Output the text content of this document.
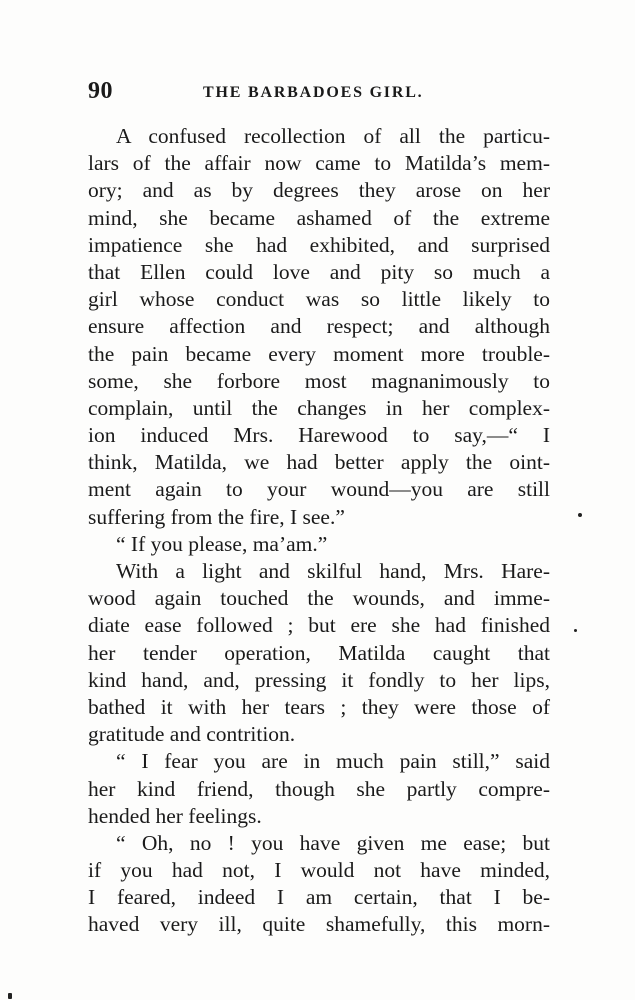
90	THE BARBADOES GIRL.
A confused recollection of all the particu-
lars of the affair now came to Matilda’s mem-
ory; and as by degrees they arose on her
mind, she became ashamed of the extreme
impatience she had exhibited, and surprised
that Ellen could love and pity so much a
girl whose conduct was so little likely to
ensure affection and respect; and although
the pain became every moment more trouble-
some, she forbore most magnanimously to
complain, until the changes in her complex-
ion induced Mrs. Harewood to say,—“ I
think, Matilda, we had better apply the oint-
ment again to your wound—you are still
suffering from the fire, I see.”
“ If you please, ma’am.”
With a light and skilful hand, Mrs. Hare-
wood again touched the wounds, and imme-
diate ease followed ; but ere she had finished
her tender operation, Matilda caught that
kind hand, and, pressing it fondly to her lips,
bathed it with her tears ; they were those of
gratitude and contrition.
“ I fear you are in much pain still,” said
her kind friend, though she partly compre-
hended her feelings.
“ Oh, no ! you have given me ease; but
if you had not, I would not have minded,
I feared, indeed I am certain, that I be-
haved very ill, quite shamefully, this morn-
